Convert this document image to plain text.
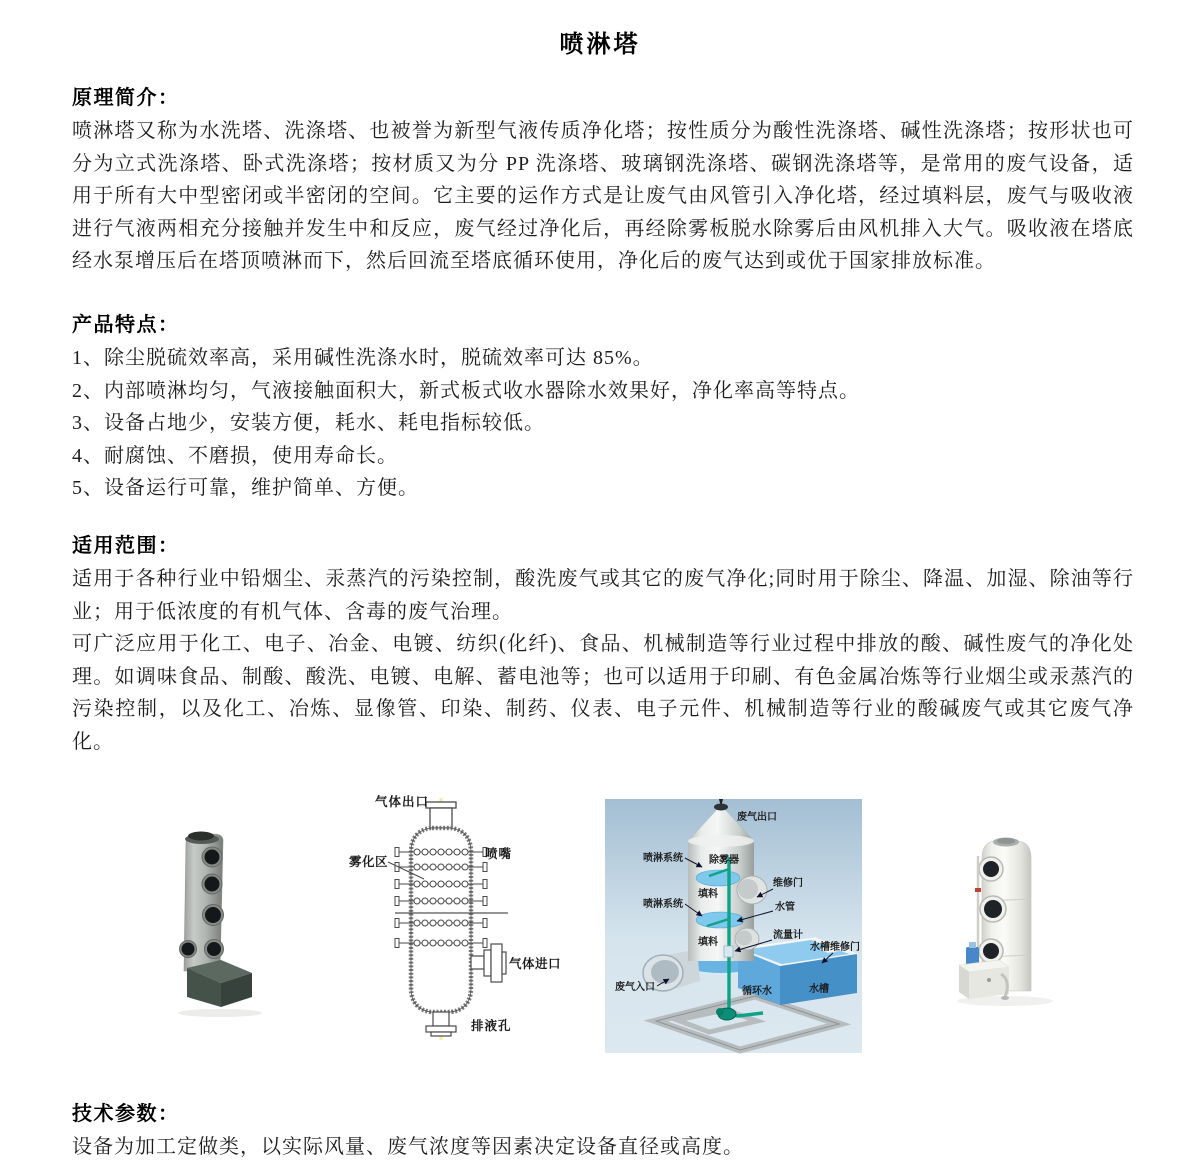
喷淋塔
原理简介：

喷淋塔又称为水洗塔、洗涤塔、也被誉为新型气液传质净化塔；按性质分为酸性洗涤塔、碱性洗涤塔；按形状也可分为立式洗涤塔、卧式洗涤塔；按材质又为分 PP 洗涤塔、玻璃钢洗涤塔、碳钢洗涤塔等，是常用的废气设备，适用于所有大中型密闭或半密闭的空间。它主要的运作方式是让废气由风管引入净化塔，经过填料层，废气与吸收液进行气液两相充分接触并发生中和反应，废气经过净化后，再经除雾板脱水除雾后由风机排入大气。吸收液在塔底经水泵增压后在塔顶喷淋而下，然后回流至塔底循环使用，净化后的废气达到或优于国家排放标准。

产品特点：

1、除尘脱硫效率高，采用碱性洗涤水时，脱硫效率可达 85%。

2、内部喷淋均匀，气液接触面积大，新式板式收水器除水效果好，净化率高等特点。

3、设备占地少，安装方便，耗水、耗电指标较低。

4、耐腐蚀、不磨损，使用寿命长。

5、设备运行可靠，维护简单、方便。

适用范围：

适用于各种行业中铅烟尘、汞蒸汽的污染控制，酸洗废气或其它的废气净化;同时用于除尘、降温、加湿、除油等行业；用于低浓度的有机气体、含毒的废气治理。

可广泛应用于化工、电子、冶金、电镀、纺织(化纤)、食品、机械制造等行业过程中排放的酸、碱性废气的净化处理。如调味食品、制酸、酸洗、电镀、电解、蓄电池等；也可以适用于印刷、有色金属冶炼等行业烟尘或汞蒸汽的污染控制，以及化工、冶炼、显像管、印染、制药、仪表、电子元件、机械制造等行业的酸碱废气或其它废气净化。

气体出口
喷嘴
雾化区
气体进口
排液孔
废气出口
喷淋系统	除雾器
维修门
填料
喷淋系统	水管
填料
流量计
水槽维修门
废气入口	循环水	水槽
技术参数：

设备为加工定做类，以实际风量、废气浓度等因素决定设备直径或高度。
